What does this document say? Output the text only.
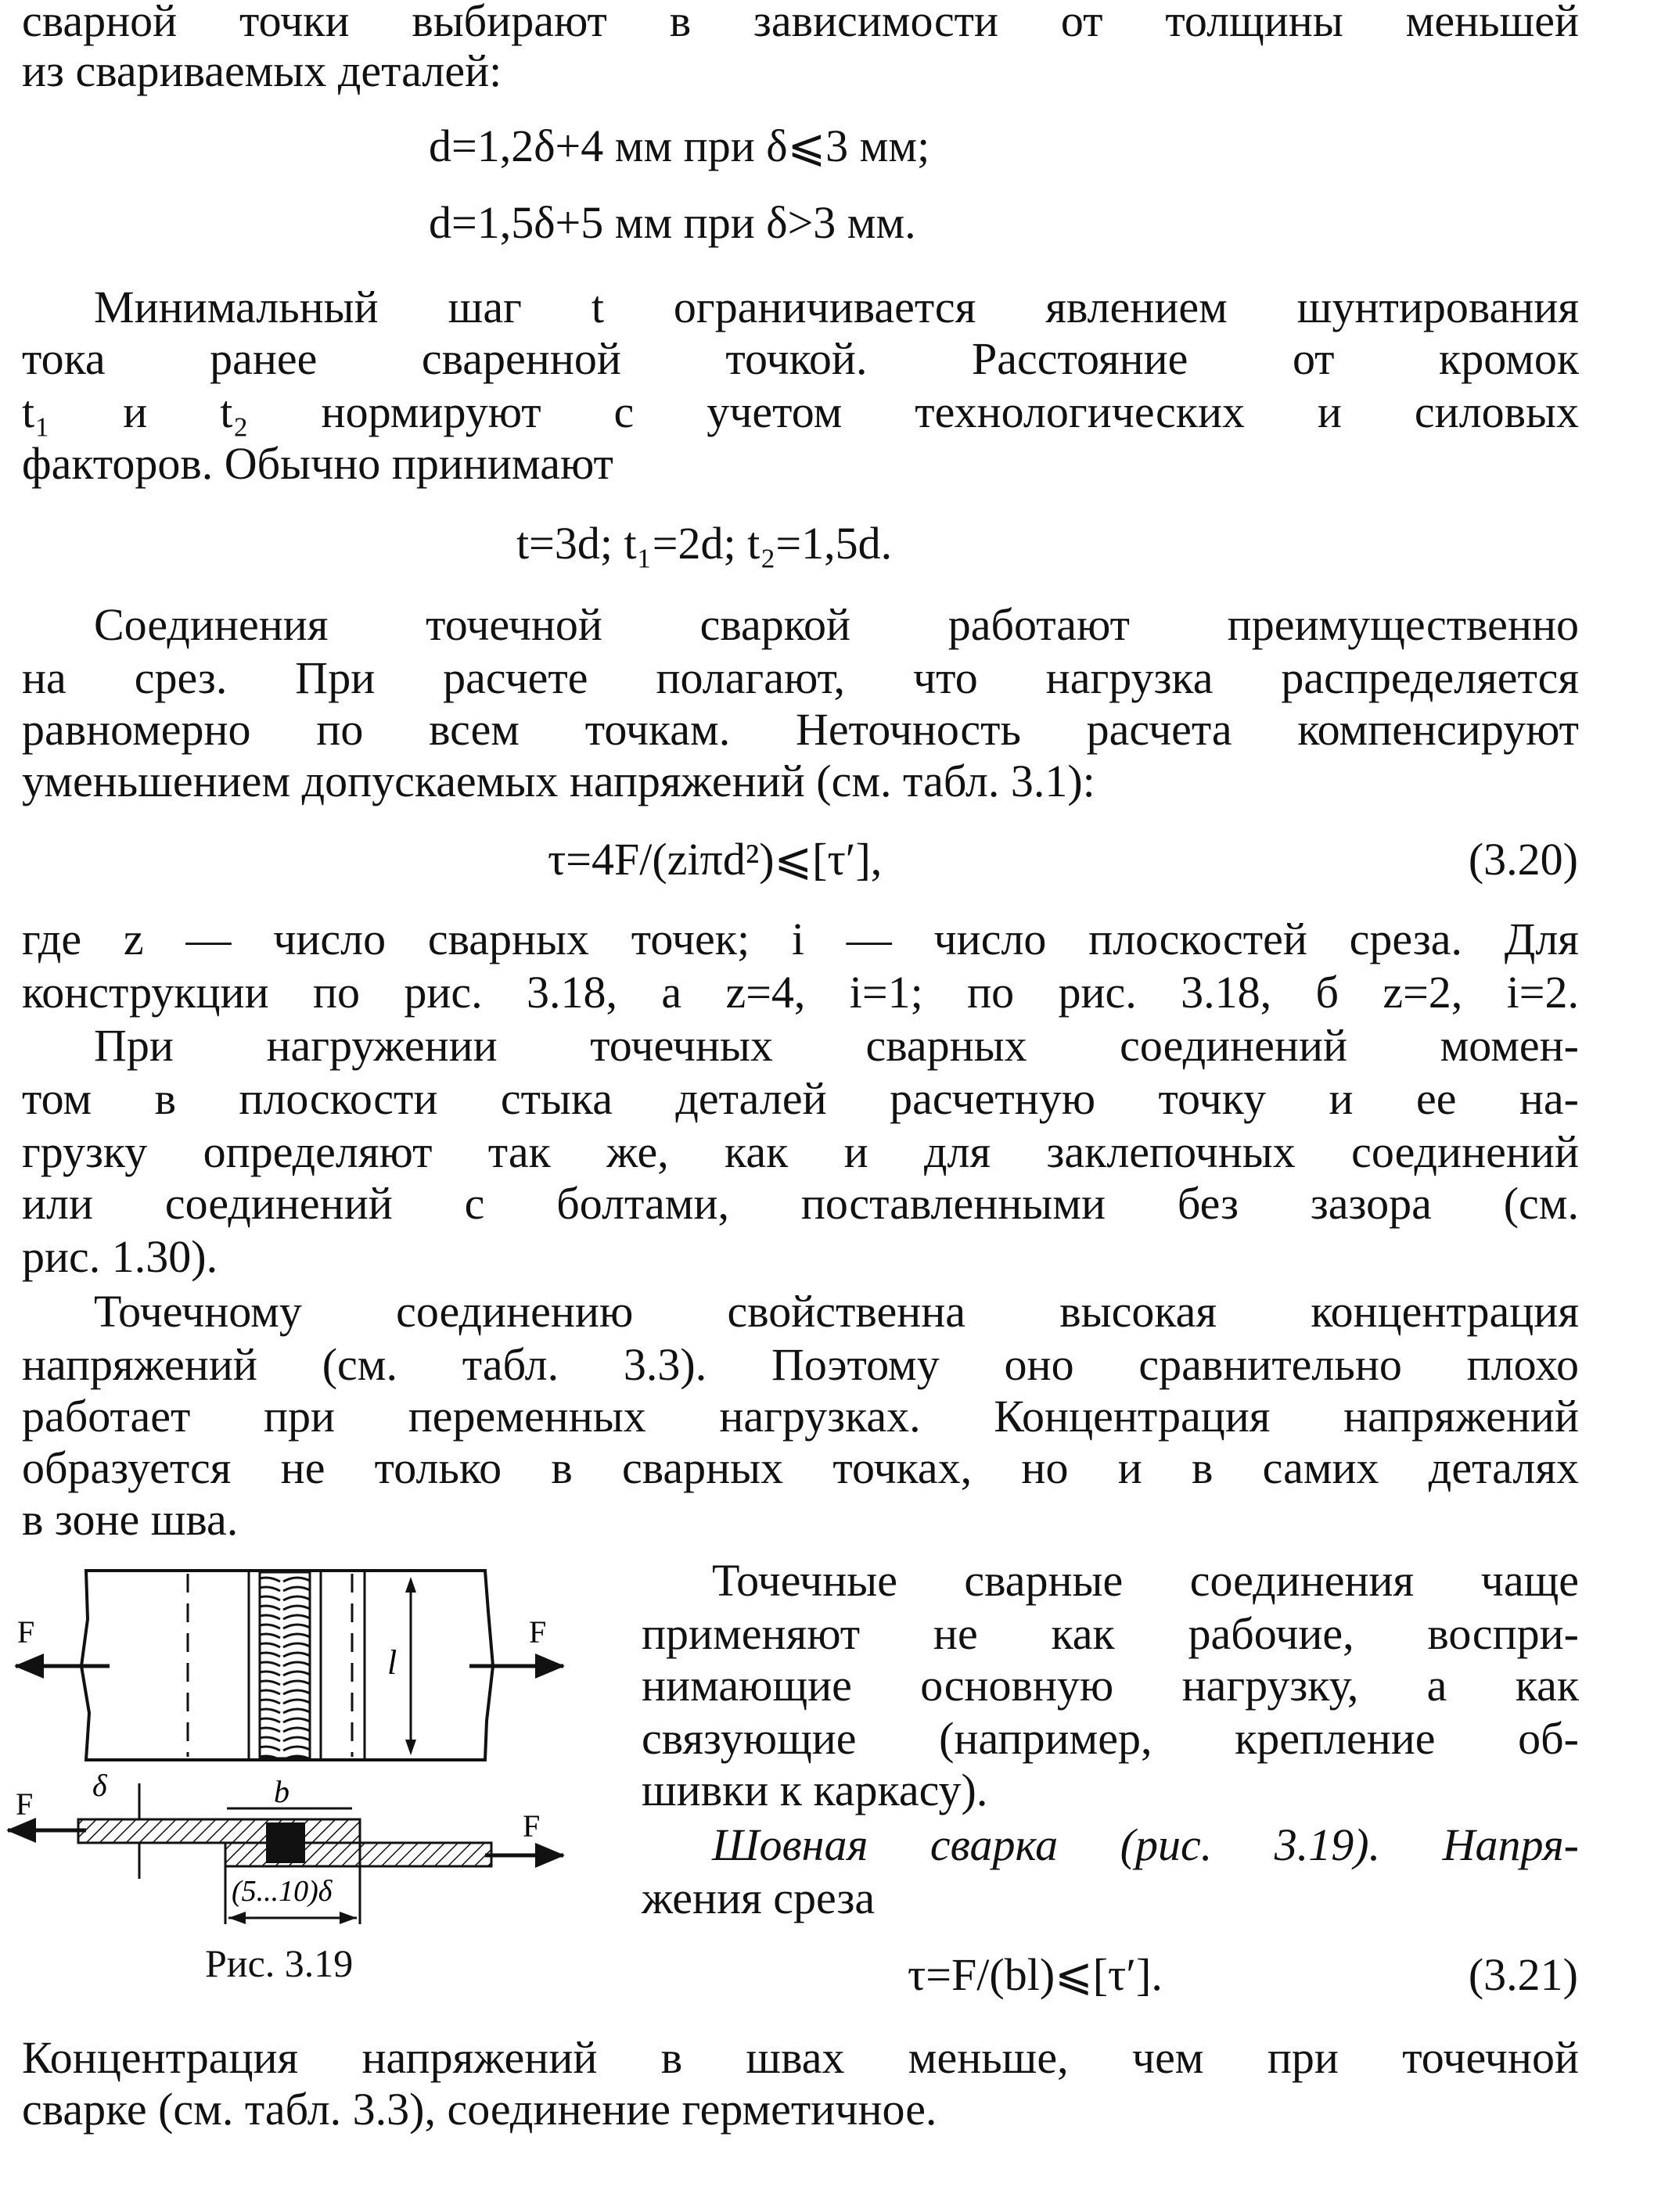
сварной точки выбирают в зависимости от толщины меньшей
из свариваемых деталей:
d=1,2δ+4 мм при δ⩽3 мм;
d=1,5δ+5 мм при δ>3 мм.
Минимальный шаг t ограничивается явлением шунтирования
тока ранее сваренной точкой. Расстояние от кромок
t₁ и t₂ нормируют с учетом технологических и силовых
факторов. Обычно принимают
t=3d; t₁=2d; t₂=1,5d.
Соединения точечной сваркой работают преимущественно
на срез. При расчете полагают, что нагрузка распределяется
равномерно по всем точкам. Неточность расчета компенсируют
уменьшением допускаемых напряжений (см. табл. 3.1):
τ=4F/(ziπd²)⩽[τ′],	(3.20)
где z — число сварных точек; i — число плоскостей среза. Для
конструкции по рис. 3.18, а z=4, i=1; по рис. 3.18, б z=2, i=2.
При нагружении точечных сварных соединений момен-
том в плоскости стыка деталей расчетную точку и ее на-
грузку определяют так же, как и для заклепочных соединений
или соединений с болтами, поставленными без зазора (см.
рис. 1.30).
Точечному соединению свойственна высокая концентрация
напряжений (см. табл. 3.3). Поэтому оно сравнительно плохо
работает при переменных нагрузках. Концентрация напряжений
образуется не только в сварных точках, но и в самих деталях
в зоне шва.
Точечные сварные соединения чаще
применяют не как рабочие, воспри-
нимающие основную нагрузку, а как
связующие (например, крепление об-
шивки к каркасу).
Шовная сварка (рис. 3.19). Напря-
жения среза
τ=F/(bl)⩽[τ′].	(3.21)
Концентрация напряжений в швах меньше, чем при точечной
сварке (см. табл. 3.3), соединение герметичное.
l
F	F
F
F
δ	b
(5...10)δ
Рис. 3.19
